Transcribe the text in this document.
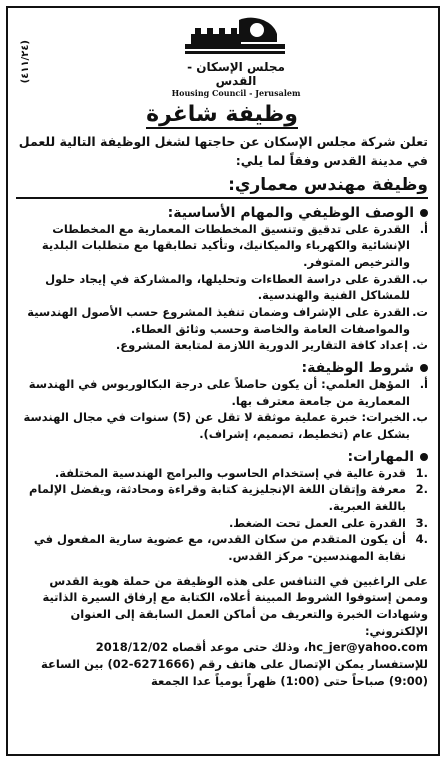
(٤١١/٢٤)
مجلس الإسكان - القدس
Housing Council - Jerusalem
وظيفة شاغرة

تعلن شركة مجلس الإسكان عن حاجتها لشغل الوظيفة التالية للعمل في مدينة القدس وفقاً لما يلي:

وظيفة مهندس معماري:
الوصف الوظيفي والمهام الأساسية:
أ.
القدرة على تدقيق وتنسيق المخططات المعمارية مع المخططات الإنشائية والكهرباء والميكانيك، وتأكيد تطابقها مع متطلبات البلدية والترخيص المتوفر.
ب.
القدرة على دراسة العطاءات وتحليلها، والمشاركة في إيجاد حلول للمشاكل الفنية والهندسية.
ت.
القدرة على الإشراف وضمان تنفيذ المشروع حسب الأصول الهندسية والمواصفات العامة والخاصة وحسب وثائق العطاء.
ث.
إعداد كافة التقارير الدورية اللازمة لمتابعة المشروع.
شروط الوظيفة:
أ.
المؤهل العلمي: أن يكون حاصلاً على درجة البكالوريوس في الهندسة المعمارية من جامعة معترف بها.
ب.
الخبرات: خبرة عملية موثقة لا تقل عن (5) سنوات في مجال الهندسة بشكل عام (تخطيط، تصميم، إشراف).
المهارات:
1.
قدرة عالية في إستخدام الحاسوب والبرامج الهندسية المختلفة.
2.
معرفة وإتقان اللغة الإنجليزية كتابة وقراءة ومحادثة، ويفضل الإلمام باللغة العبرية.
3.
القدرة على العمل تحت الضغط.
4.
أن يكون المتقدم من سكان القدس، مع عضوية سارية المفعول في نقابة المهندسين- مركز القدس.

على الراغبين في التنافس على هذه الوظيفة من حملة هوية القدس وممن إستوفوا الشروط المبينة أعلاه، الكتابة مع إرفاق السيرة الذاتية وشهادات الخبرة والتعريف من أماكن العمل السابقة إلى العنوان الإلكتروني:

hc_jer@yahoo.com، وذلك حتى موعد أقصاه 2018/12/02

للإستفسار يمكن الإتصال على هاتف رقم (6271666-02) بين الساعة (9:00) صباحاً حتى (1:00) ظهراً يومياً عدا الجمعة
